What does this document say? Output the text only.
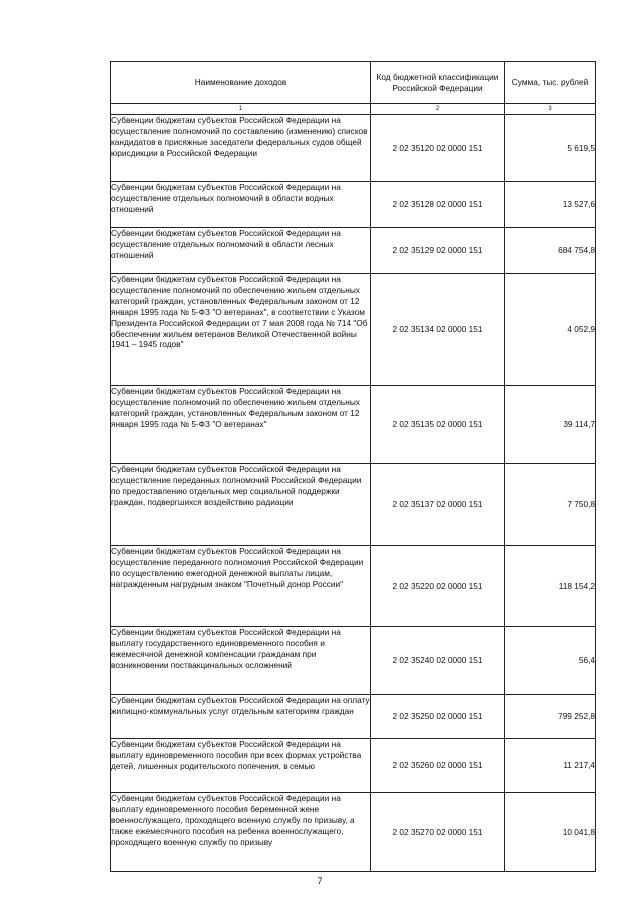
Наименование доходов	Код бюджетной классификации Российской Федерации	Сумма, тыс. рублей
1	2	3
Субвенции бюджетам субъектов Российской Федерации на осуществление полномочий по составлению (изменению) списков кандидатов в присяжные заседатели федеральных судов общей юрисдикции в Российской Федерации	2 02 35120 02 0000 151	5 619,5
Субвенции бюджетам субъектов Российской Федерации на осуществление отдельных полномочий в области водных отношений	2 02 35128 02 0000 151	13 527,6
Субвенции бюджетам субъектов Российской Федерации на осуществление отдельных полномочий в области лесных отношений	2 02 35129 02 0000 151	684 754,8
Субвенции бюджетам субъектов Российской Федерации на осуществление полномочий по обеспечению жильем отдельных категорий граждан, установленных Федеральным законом от 12 января 1995 года № 5-ФЗ "О ветеранах", в соответствии с Указом Президента Российской Федерации от 7 мая 2008 года № 714 "Об обеспечении жильем ветеранов Великой Отечественной войны 1941 – 1945 годов"	2 02 35134 02 0000 151	4 052,9
Субвенции бюджетам субъектов Российской Федерации на осуществление полномочий по обеспечению жильем отдельных категорий граждан, установленных Федеральным законом от 12 января 1995 года № 5-ФЗ "О ветеранах"	2 02 35135 02 0000 151	39 114,7
Субвенции бюджетам субъектов Российской Федерации на осуществление переданных полномочий Российской Федерации по предоставлению отдельных мер социальной поддержки граждан, подвергшихся воздействию радиации	2 02 35137 02 0000 151	7 750,8
Субвенции бюджетам субъектов Российской Федерации на осуществление переданного полномочия Российской Федерации по осуществлению ежегодной денежной выплаты лицам, награжденным нагрудным знаком "Почетный донор России"	2 02 35220 02 0000 151	118 154,2
Субвенции бюджетам субъектов Российской Федерации на выплату государственного единовременного пособия и ежемесячной денежной компенсации гражданам при возникновении поствакцинальных осложнений	2 02 35240 02 0000 151	56,4
Субвенции бюджетам субъектов Российской Федерации на оплату жилищно-коммунальных услуг отдельным категориям граждан	2 02 35250 02 0000 151	799 252,8
Субвенции бюджетам субъектов Российской Федерации на выплату единовременного пособия при всех формах устройства детей, лишенных родительского попечения, в семью	2 02 35260 02 0000 151	11 217,4
Субвенции бюджетам субъектов Российской Федерации на выплату единовременного пособия беременной жене военнослужащего, проходящего военную службу по призыву, а также ежемесячного пособия на ребенка военнослужащего, проходящего военную службу по призыву	2 02 35270 02 0000 151	10 041,8
7
